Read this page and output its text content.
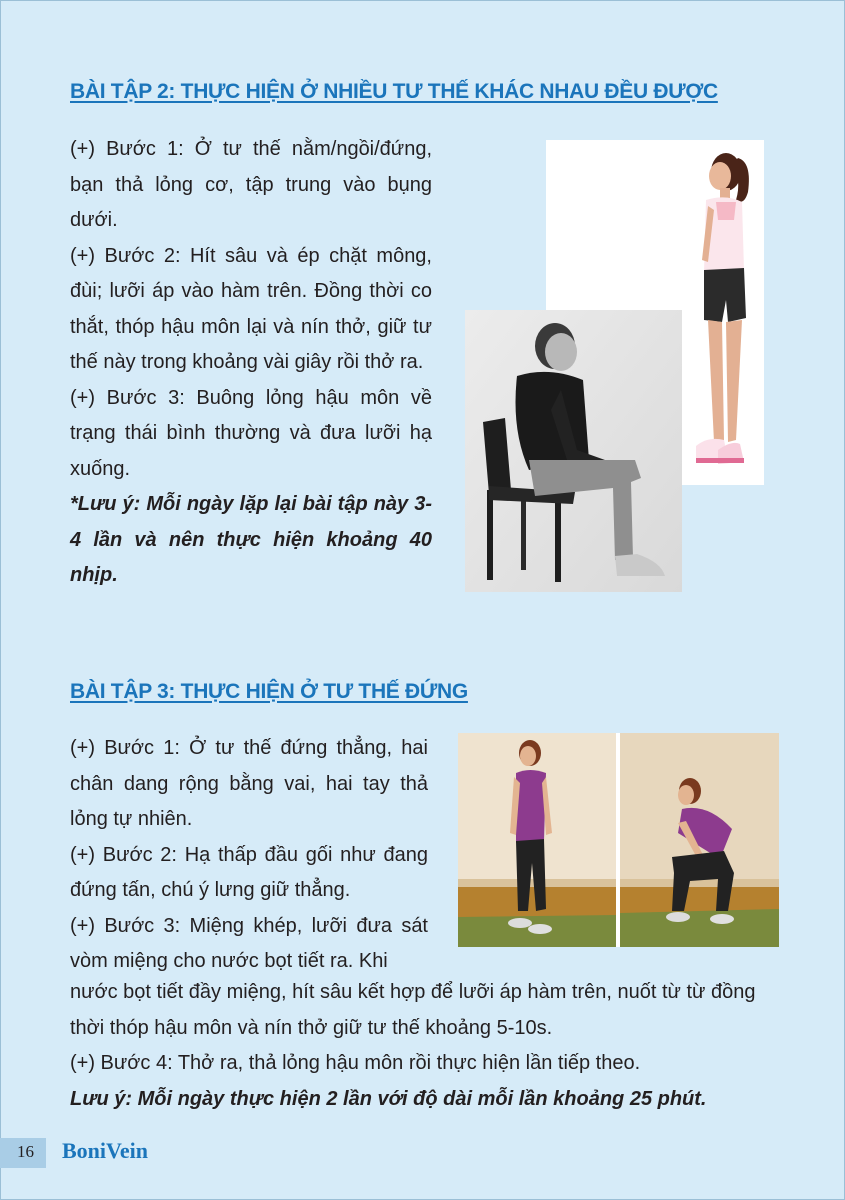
BÀI TẬP 2: THỰC HIỆN Ở NHIỀU TƯ THẾ KHÁC NHAU ĐỀU ĐƯỢC

(+) Bước 1: Ở tư thế nằm/ngồi/đứng, bạn thả lỏng cơ, tập trung vào bụng dưới.

(+) Bước 2: Hít sâu và ép chặt mông, đùi; lưỡi áp vào hàm trên. Đồng thời co thắt, thóp hậu môn lại và nín thở, giữ tư thế này trong khoảng vài giây rồi thở ra.

(+) Bước 3: Buông lỏng hậu môn về trạng thái bình thường và đưa lưỡi hạ xuống.

*Lưu ý: Mỗi ngày lặp lại bài tập này 3-4 lần và nên thực hiện khoảng 40 nhịp.

BÀI TẬP 3: THỰC HIỆN Ở TƯ THẾ ĐỨNG

(+) Bước 1: Ở tư thế đứng thẳng, hai chân dang rộng bằng vai, hai tay thả lỏng tự nhiên.

(+) Bước 2: Hạ thấp đầu gối như đang đứng tấn, chú ý lưng giữ thẳng.

(+) Bước 3: Miệng khép, lưỡi đưa sát vòm miệng cho nước bọt tiết ra. Khi

nước bọt tiết đầy miệng, hít sâu kết hợp để lưỡi áp hàm trên, nuốt từ từ đồng thời thóp hậu môn và nín thở giữ tư thế khoảng 5-10s.

(+) Bước 4: Thở ra, thả lỏng hậu môn rồi thực hiện lần tiếp theo.

Lưu ý: Mỗi ngày thực hiện 2 lần với độ dài mỗi lần khoảng 25 phút.

16 BoniVein
